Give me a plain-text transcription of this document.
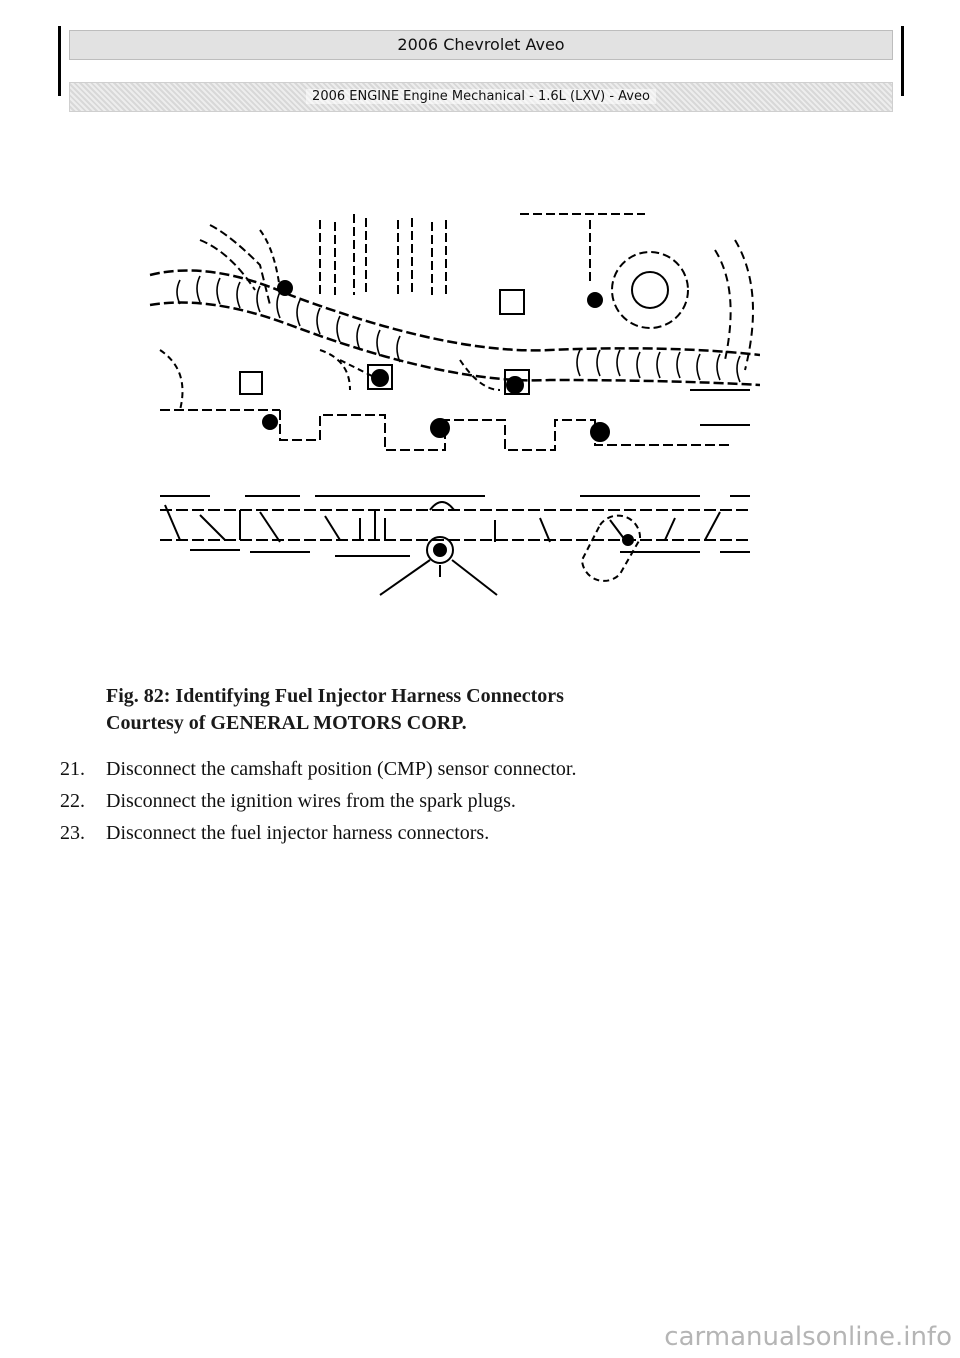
2006 Chevrolet Aveo
2006 ENGINE Engine Mechanical - 1.6L (LXV) - Aveo
Fig. 82: Identifying Fuel Injector Harness Connectors
Courtesy of GENERAL MOTORS CORP.
21. Disconnect the camshaft position (CMP) sensor connector.
22. Disconnect the ignition wires from the spark plugs.
23. Disconnect the fuel injector harness connectors.
carmanualsonline.info
